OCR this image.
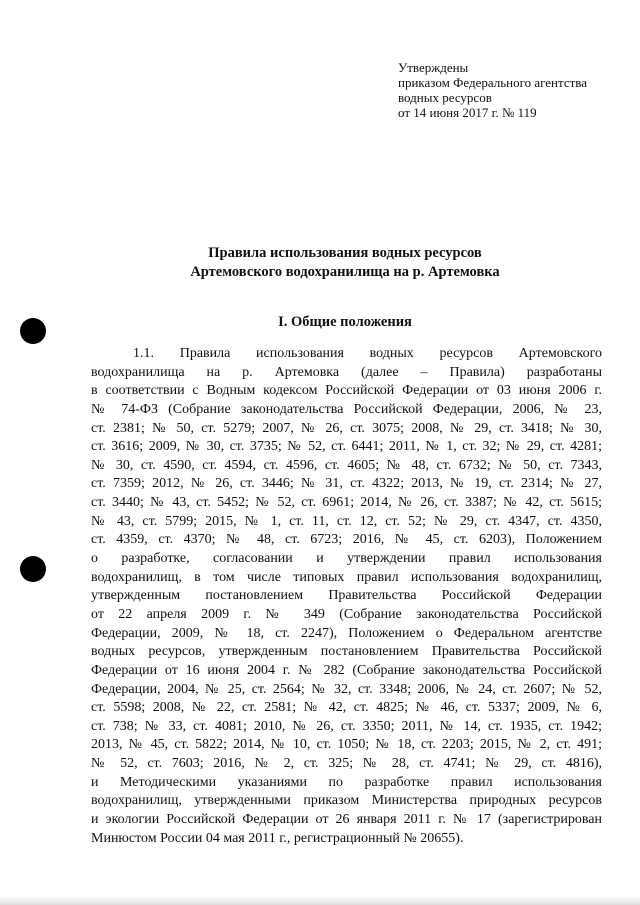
Утверждены
приказом Федерального агентства
водных ресурсов
от 14 июня 2017 г. № 119
Правила использования водных ресурсов
Артемовского водохранилища на р. Артемовка
I. Общие положения
1.1. Правила использования водных ресурсов Артемовского
водохранилища на р. Артемовка (далее – Правила) разработаны
в соответствии с Водным кодексом Российской Федерации от 03 июня 2006 г.
№ 74-ФЗ (Собрание законодательства Российской Федерации, 2006, № 23,
ст. 2381; № 50, ст. 5279; 2007, № 26, ст. 3075; 2008, № 29, ст. 3418; № 30,
ст. 3616; 2009, № 30, ст. 3735; № 52, ст. 6441; 2011, № 1, ст. 32; № 29, ст. 4281;
№ 30, ст. 4590, ст. 4594, ст. 4596, ст. 4605; № 48, ст. 6732; № 50, ст. 7343,
ст. 7359; 2012, № 26, ст. 3446; № 31, ст. 4322; 2013, № 19, ст. 2314; № 27,
ст. 3440; № 43, ст. 5452; № 52, ст. 6961; 2014, № 26, ст. 3387; № 42, ст. 5615;
№ 43, ст. 5799; 2015, № 1, ст. 11, ст. 12, ст. 52; № 29, ст. 4347, ст. 4350,
ст. 4359, ст. 4370; № 48, ст. 6723; 2016, № 45, ст. 6203), Положением
о разработке, согласовании и утверждении правил использования
водохранилищ, в том числе типовых правил использования водохранилищ,
утвержденным постановлением Правительства Российской Федерации
от 22 апреля 2009 г. № 349 (Собрание законодательства Российской
Федерации, 2009, № 18, ст. 2247), Положением о Федеральном агентстве
водных ресурсов, утвержденным постановлением Правительства Российской
Федерации от 16 июня 2004 г. № 282 (Собрание законодательства Российской
Федерации, 2004, № 25, ст. 2564; № 32, ст. 3348; 2006, № 24, ст. 2607; № 52,
ст. 5598; 2008, № 22, ст. 2581; № 42, ст. 4825; № 46, ст. 5337; 2009, № 6,
ст. 738; № 33, ст. 4081; 2010, № 26, ст. 3350; 2011, № 14, ст. 1935, ст. 1942;
2013, № 45, ст. 5822; 2014, № 10, ст. 1050; № 18, ст. 2203; 2015, № 2, ст. 491;
№ 52, ст. 7603; 2016, № 2, ст. 325; № 28, ст. 4741; № 29, ст. 4816),
и Методическими указаниями по разработке правил использования
водохранилищ, утвержденными приказом Министерства природных ресурсов
и экологии Российской Федерации от 26 января 2011 г. № 17 (зарегистрирован
Минюстом России 04 мая 2011 г., регистрационный № 20655).
